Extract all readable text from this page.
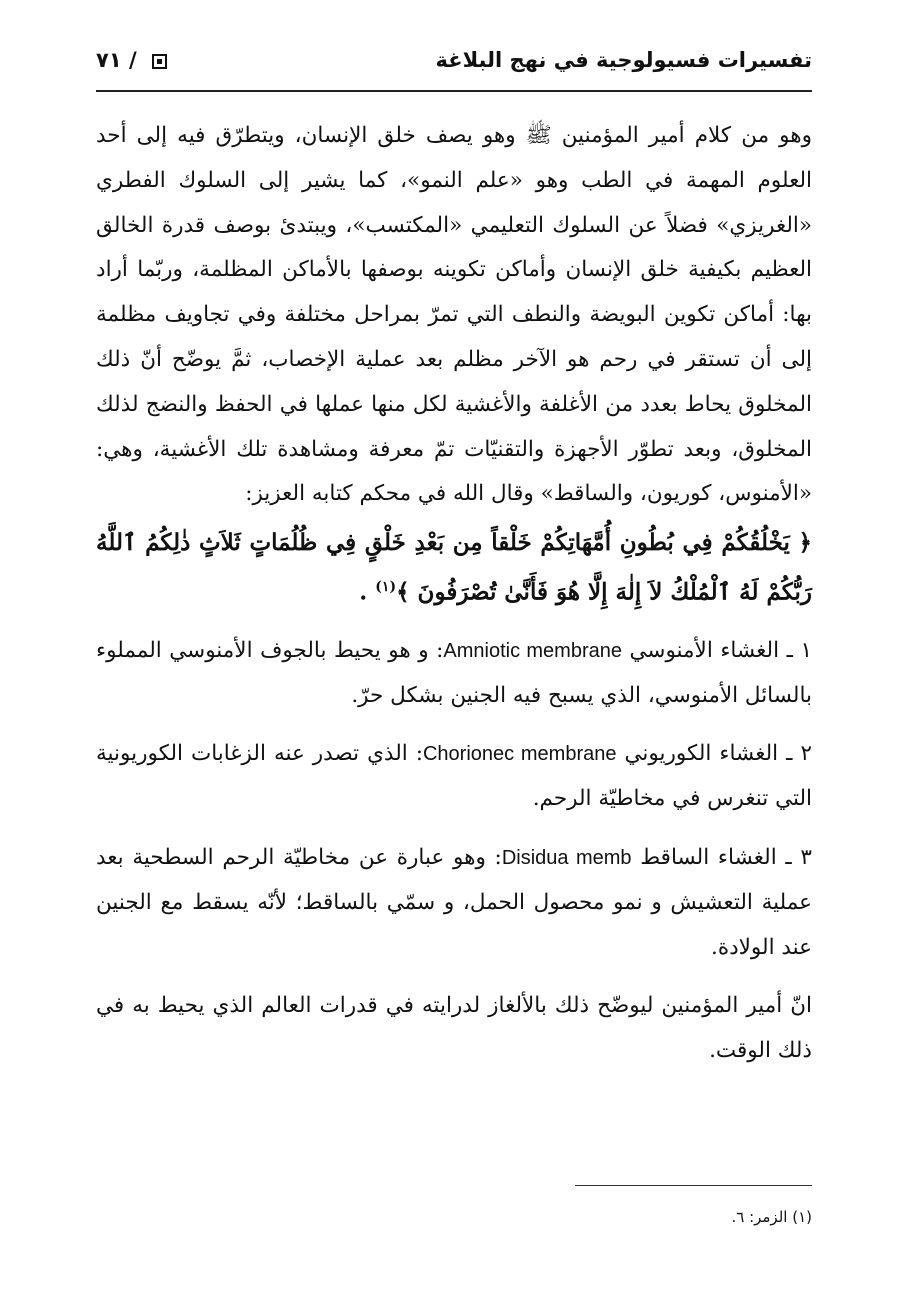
تفسيرات فسيولوجية في نهج البلاغة
٧١ /

وهو من كلام أمير المؤمنين ﷺ وهو يصف خلق الإنسان، ويتطرّق فيه إلى أحد العلوم المهمة في الطب وهو «علم النمو»، كما يشير إلى السلوك الفطري «الغريزي» فضلاً عن السلوك التعليمي «المكتسب»، ويبتدئ بوصف قدرة الخالق العظيم بكيفية خلق الإنسان وأماكن تكوينه بوصفها بالأماكن المظلمة، وربّما أراد بها: أماكن تكوين البويضة والنطف التي تمرّ بمراحل مختلفة وفي تجاويف مظلمة إلى أن تستقر في رحم هو الآخر مظلم بعد عملية الإخصاب، ثمَّ يوضّح أنّ ذلك المخلوق يحاط بعدد من الأغلفة والأغشية لكل منها عملها في الحفظ والنضج لذلك المخلوق، وبعد تطوّر الأجهزة والتقنيّات تمّ معرفة ومشاهدة تلك الأغشية، وهي: «الأمنوس، كوريون، والساقط» وقال الله في محكم كتابه العزيز:

﴿ يَخْلُقُكُمْ فِي بُطُونِ أُمَّهَاتِكُمْ خَلْقاً مِن بَعْدِ خَلْقٍ فِي ظُلُمَاتٍ ثَلاَثٍ ذٰلِكُمُ ٱللَّهُ رَبُّكُمْ لَهُ ٱلْمُلْكُ لاَ إِلٰهَ إِلَّا هُوَ فَأَنَّىٰ تُصْرَفُونَ ﴾$^{(١)}$ .

١ ـ الغشاء الأمنوسي Amniotic membrane: و هو يحيط بالجوف الأمنوسي المملوء بالسائل الأمنوسي، الذي يسبح فيه الجنين بشكل حرّ.

٢ ـ الغشاء الكوريوني Chorionec membrane: الذي تصدر عنه الزغابات الكوريونية التي تنغرس في مخاطيّة الرحم.

٣ ـ الغشاء الساقط Disidua memb: وهو عبارة عن مخاطيّة الرحم السطحية بعد عملية التعشيش و نمو محصول الحمل، و سمّي بالساقط؛ لأنّه يسقط مع الجنين عند الولادة.

انّ أمير المؤمنين ليوضّح ذلك بالألغاز لدرايته في قدرات العالم الذي يحيط به في ذلك الوقت.

(١) الزمر: ٦.
